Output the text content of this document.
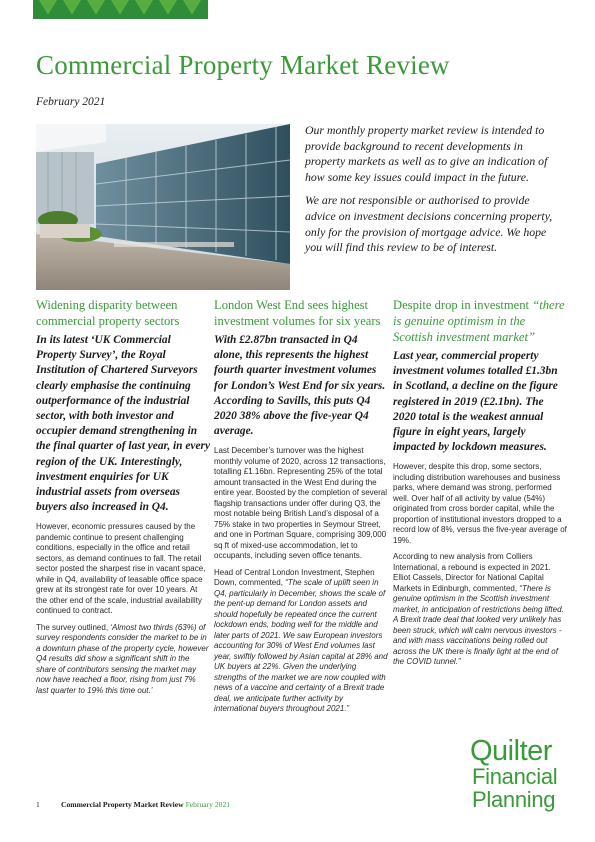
Commercial Property Market Review
February 2021

Our monthly property market review is intended to provide background to recent developments in property markets as well as to give an indication of how some key issues could impact in the future.

We are not responsible or authorised to provide advice on investment decisions concerning property, only for the provision of mortgage advice. We hope you will find this review to be of interest.

Widening disparity between commercial property sectors
In its latest ‘UK Commercial Property Survey’, the Royal Institution of Chartered Surveyors clearly emphasise the continuing outperformance of the industrial sector, with both investor and occupier demand strengthening in the final quarter of last year, in every region of the UK. Interestingly, investment enquiries for UK industrial assets from overseas buyers also increased in Q4.

However, economic pressures caused by the pandemic continue to present challenging conditions, especially in the office and retail sectors, as demand continues to fall. The retail sector posted the sharpest rise in vacant space, while in Q4, availability of leasable office space grew at its strongest rate for over 10 years. At the other end of the scale, industrial availability continued to contract.

The survey outlined, ‘Almost two thirds (63%) of survey respondents consider the market to be in a downturn phase of the property cycle, however Q4 results did show a significant shift in the share of contributors sensing the market may now have reached a floor, rising from just 7% last quarter to 19% this time out.’

London West End sees highest investment volumes for six years
With £2.87bn transacted in Q4 alone, this represents the highest fourth quarter investment volumes for London’s West End for six years. According to Savills, this puts Q4 2020 38% above the five-year Q4 average.

Last December’s turnover was the highest monthly volume of 2020, across 12 transactions, totalling £1.16bn. Representing 25% of the total amount transacted in the West End during the entire year. Boosted by the completion of several flagship transactions under offer during Q3, the most notable being British Land’s disposal of a 75% stake in two properties in Seymour Street, and one in Portman Square, comprising 309,000 sq ft of mixed-use accommodation, let to occupants, including seven office tenants.

Head of Central London Investment, Stephen Down, commented, “The scale of uplift seen in Q4, particularly in December, shows the scale of the pent-up demand for London assets and should hopefully be repeated once the current lockdown ends, boding well for the middle and later parts of 2021. We saw European investors accounting for 30% of West End volumes last year, swiftly followed by Asian capital at 28% and UK buyers at 22%. Given the underlying strengths of the market we are now coupled with news of a vaccine and certainty of a Brexit trade deal, we anticipate further activity by international buyers throughout 2021.”

Despite drop in investment “there is genuine optimism in the Scottish investment market”
Last year, commercial property investment volumes totalled £1.3bn in Scotland, a decline on the figure registered in 2019 (£2.1bn). The 2020 total is the weakest annual figure in eight years, largely impacted by lockdown measures.

However, despite this drop, some sectors, including distribution warehouses and business parks, where demand was strong, performed well. Over half of all activity by value (54%) originated from cross border capital, while the proportion of institutional investors dropped to a record low of 8%, versus the five-year average of 19%.

According to new analysis from Colliers International, a rebound is expected in 2021. Elliot Cassels, Director for National Capital Markets in Edinburgh, commented, “There is genuine optimism in the Scottish investment market, in anticipation of restrictions being lifted. A Brexit trade deal that looked very unlikely has been struck, which will calm nervous investors - and with mass vaccinations being rolled out across the UK there is finally light at the end of the COVID tunnel.”

Quilter
Financial
Planning
1	Commercial Property Market Review February 2021
